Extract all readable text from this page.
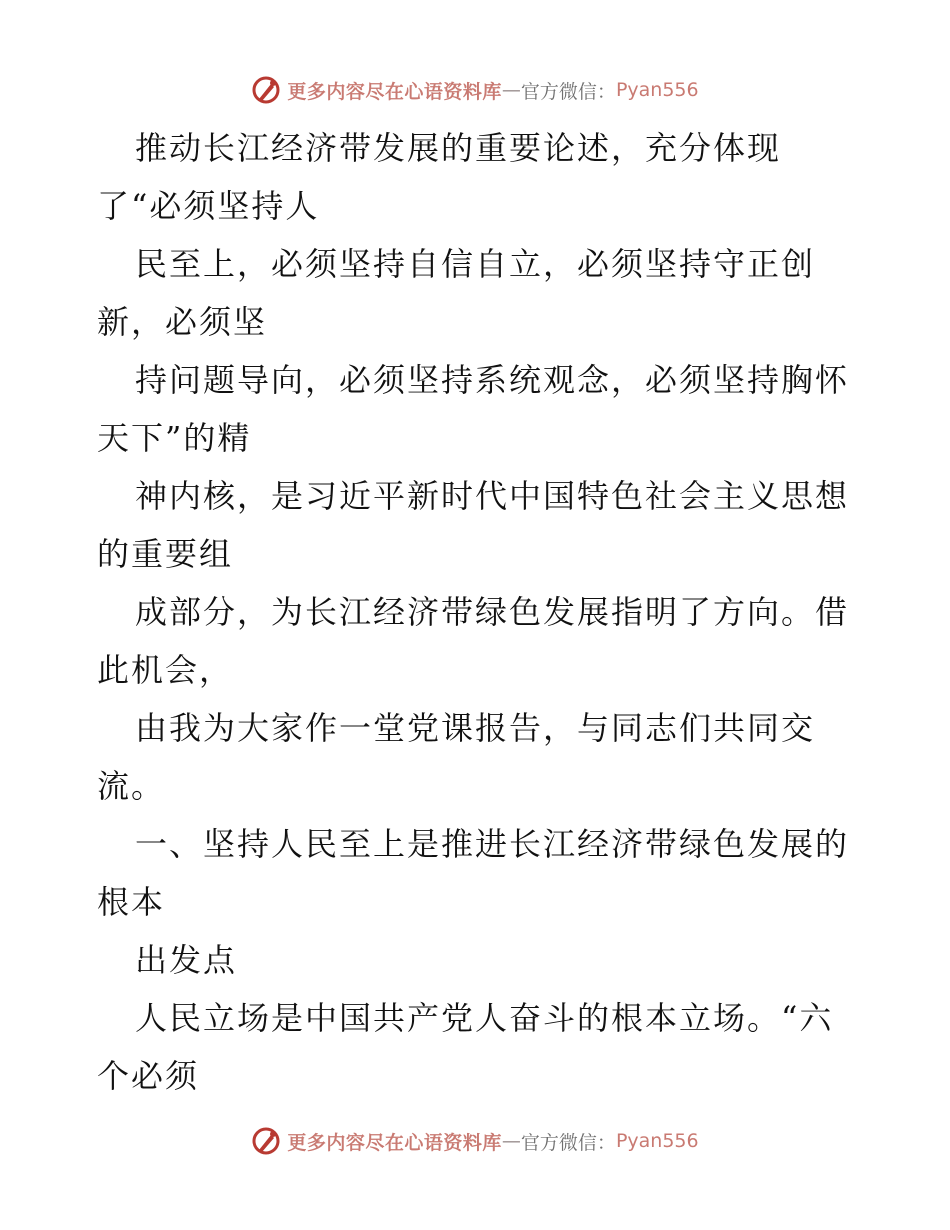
更多内容尽在心语资料库 — 官方微信： Pyan556
推动长江经济带发展的重要论述，充分体现
了“必须坚持人
民至上，必须坚持自信自立，必须坚持守正创
新，必须坚
持问题导向，必须坚持系统观念，必须坚持胸怀
天下”的精
神内核，是习近平新时代中国特色社会主义思想
的重要组
成部分，为长江经济带绿色发展指明了方向。借
此机会，
由我为大家作一堂党课报告，与同志们共同交
流。
一、坚持人民至上是推进长江经济带绿色发展的
根本
出发点
人民立场是中国共产党人奋斗的根本立场。“六
个必须
更多内容尽在心语资料库 — 官方微信： Pyan556
